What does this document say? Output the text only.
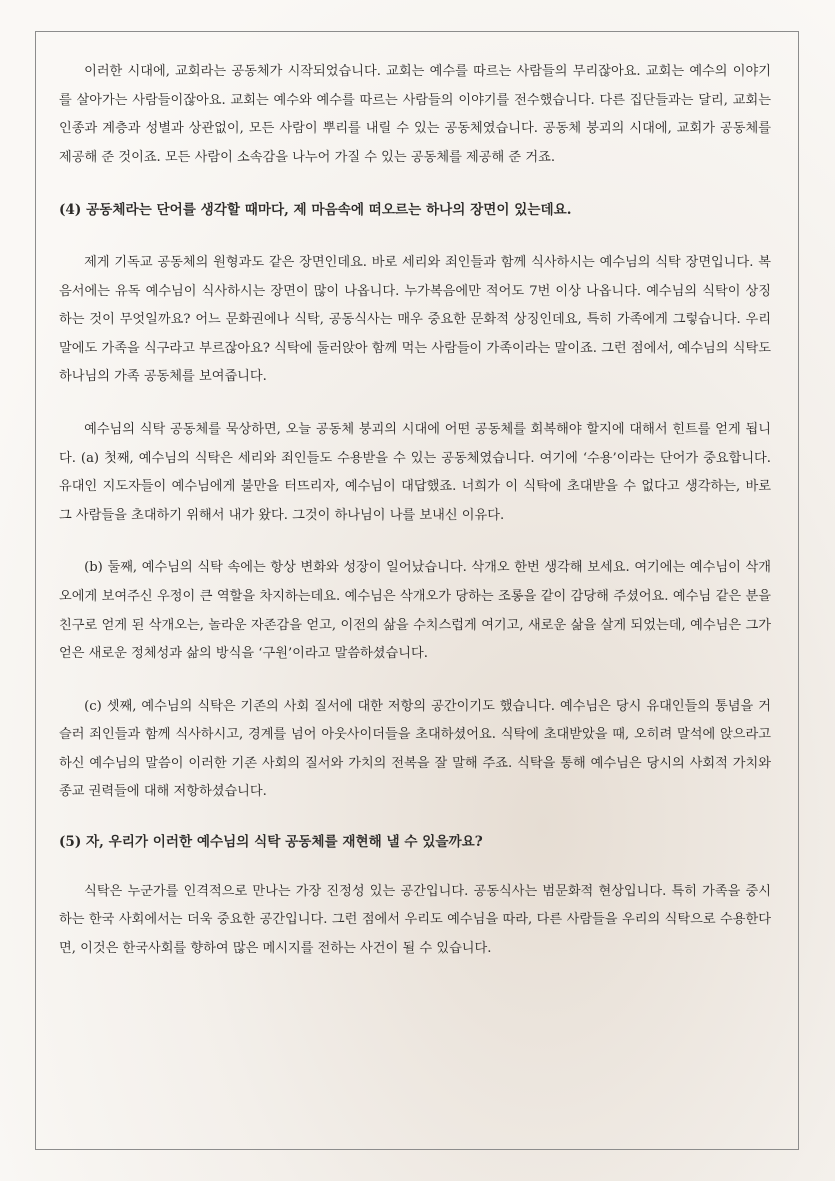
이러한 시대에, 교회라는 공동체가 시작되었습니다. 교회는 예수를 따르는 사람들의 무리잖아요. 교회는 예수의 이야기를 살아가는 사람들이잖아요. 교회는 예수와 예수를 따르는 사람들의 이야기를 전수했습니다. 다른 집단들과는 달리, 교회는 인종과 계층과 성별과 상관없이, 모든 사람이 뿌리를 내릴 수 있는 공동체였습니다. 공동체 붕괴의 시대에, 교회가 공동체를 제공해 준 것이죠. 모든 사람이 소속감을 나누어 가질 수 있는 공동체를 제공해 준 거죠.

(4) 공동체라는 단어를 생각할 때마다, 제 마음속에 떠오르는 하나의 장면이 있는데요.

제게 기독교 공동체의 원형과도 같은 장면인데요. 바로 세리와 죄인들과 함께 식사하시는 예수님의 식탁 장면입니다. 복음서에는 유독 예수님이 식사하시는 장면이 많이 나옵니다. 누가복음에만 적어도 7번 이상 나옵니다. 예수님의 식탁이 상징하는 것이 무엇일까요? 어느 문화권에나 식탁, 공동식사는 매우 중요한 문화적 상징인데요, 특히 가족에게 그렇습니다. 우리 말에도 가족을 식구라고 부르잖아요? 식탁에 둘러앉아 함께 먹는 사람들이 가족이라는 말이죠. 그런 점에서, 예수님의 식탁도 하나님의 가족 공동체를 보여줍니다.

예수님의 식탁 공동체를 묵상하면, 오늘 공동체 붕괴의 시대에 어떤 공동체를 회복해야 할지에 대해서 힌트를 얻게 됩니다. (a) 첫째, 예수님의 식탁은 세리와 죄인들도 수용받을 수 있는 공동체였습니다. 여기에 ‘수용’이라는 단어가 중요합니다. 유대인 지도자들이 예수님에게 불만을 터뜨리자, 예수님이 대답했죠. 너희가 이 식탁에 초대받을 수 없다고 생각하는, 바로 그 사람들을 초대하기 위해서 내가 왔다. 그것이 하나님이 나를 보내신 이유다.

(b) 둘째, 예수님의 식탁 속에는 항상 변화와 성장이 일어났습니다. 삭개오 한번 생각해 보세요. 여기에는 예수님이 삭개오에게 보여주신 우정이 큰 역할을 차지하는데요. 예수님은 삭개오가 당하는 조롱을 같이 감당해 주셨어요. 예수님 같은 분을 친구로 얻게 된 삭개오는, 놀라운 자존감을 얻고, 이전의 삶을 수치스럽게 여기고, 새로운 삶을 살게 되었는데, 예수님은 그가 얻은 새로운 정체성과 삶의 방식을 ‘구원’이라고 말씀하셨습니다.

(c) 셋째, 예수님의 식탁은 기존의 사회 질서에 대한 저항의 공간이기도 했습니다. 예수님은 당시 유대인들의 통념을 거슬러 죄인들과 함께 식사하시고, 경계를 넘어 아웃사이더들을 초대하셨어요. 식탁에 초대받았을 때, 오히려 말석에 앉으라고 하신 예수님의 말씀이 이러한 기존 사회의 질서와 가치의 전복을 잘 말해 주죠. 식탁을 통해 예수님은 당시의 사회적 가치와 종교 권력들에 대해 저항하셨습니다.

(5) 자, 우리가 이러한 예수님의 식탁 공동체를 재현해 낼 수 있을까요?

식탁은 누군가를 인격적으로 만나는 가장 진정성 있는 공간입니다. 공동식사는 범문화적 현상입니다. 특히 가족을 중시하는 한국 사회에서는 더욱 중요한 공간입니다. 그런 점에서 우리도 예수님을 따라, 다른 사람들을 우리의 식탁으로 수용한다면, 이것은 한국사회를 향하여 많은 메시지를 전하는 사건이 될 수 있습니다.
